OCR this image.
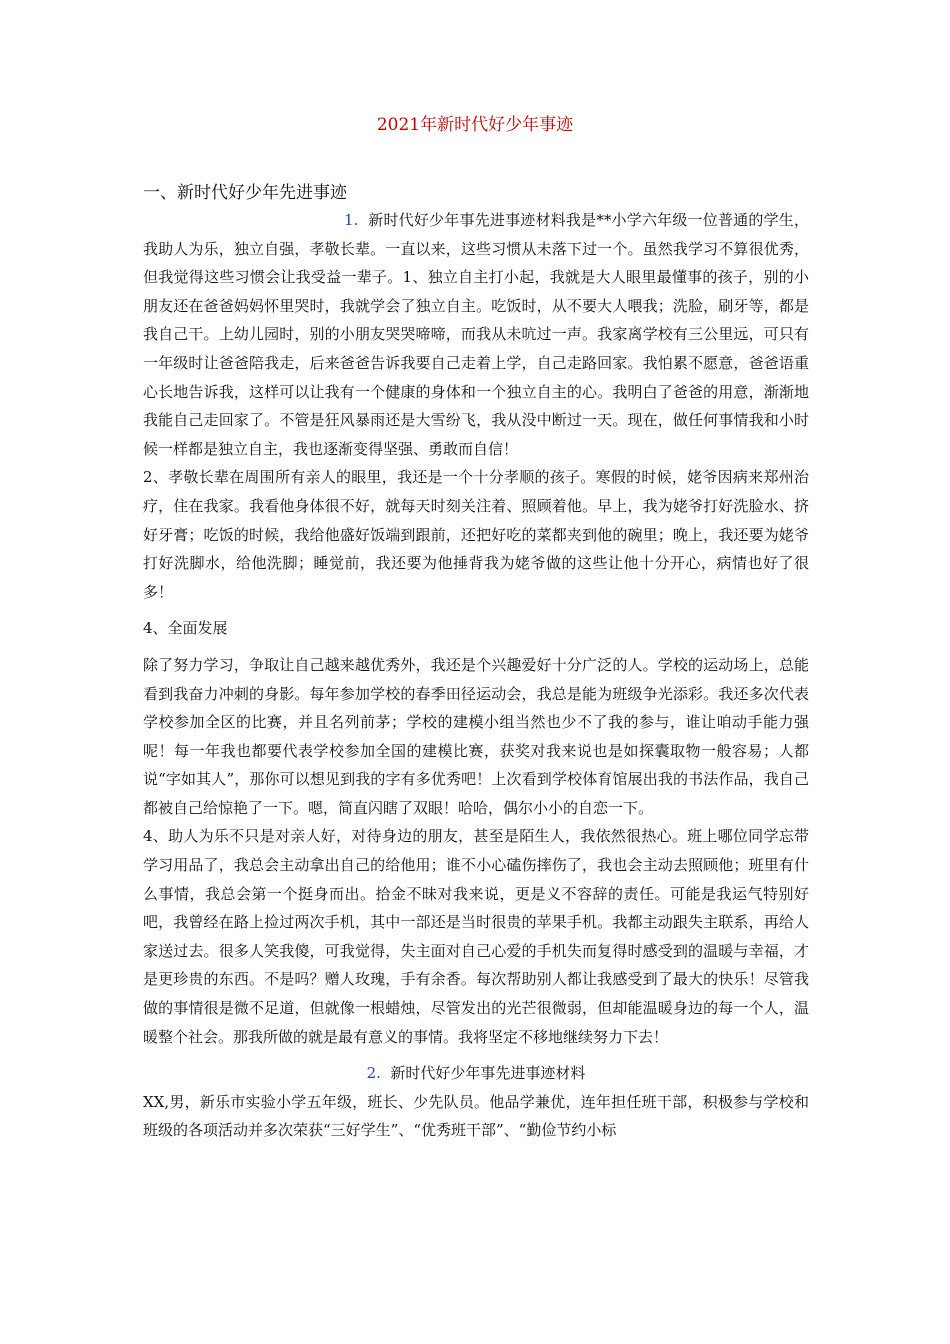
2021年新时代好少年事迹
一、新时代好少年先进事迹

1. 新时代好少年事先进事迹材料我是**小学六年级一位普通的学生，我助人为乐，独立自强，孝敬长辈。一直以来，这些习惯从未落下过一个。虽然我学习不算很优秀，但我觉得这些习惯会让我受益一辈子。1、独立自主打小起，我就是大人眼里最懂事的孩子，别的小朋友还在爸爸妈妈怀里哭时，我就学会了独立自主。吃饭时，从不要大人喂我；洗脸，刷牙等，都是我自己干。上幼儿园时，别的小朋友哭哭啼啼，而我从未吭过一声。我家离学校有三公里远，可只有一年级时让爸爸陪我走，后来爸爸告诉我要自己走着上学，自己走路回家。我怕累不愿意，爸爸语重心长地告诉我，这样可以让我有一个健康的身体和一个独立自主的心。我明白了爸爸的用意，渐渐地我能自己走回家了。不管是狂风暴雨还是大雪纷飞，我从没中断过一天。现在，做任何事情我和小时候一样都是独立自主，我也逐渐变得坚强、勇敢而自信！

2、孝敬长辈在周围所有亲人的眼里，我还是一个十分孝顺的孩子。寒假的时候，姥爷因病来郑州治疗，住在我家。我看他身体很不好，就每天时刻关注着、照顾着他。早上，我为姥爷打好洗脸水、挤好牙膏；吃饭的时候，我给他盛好饭端到跟前，还把好吃的菜都夹到他的碗里；晚上，我还要为姥爷打好洗脚水，给他洗脚；睡觉前，我还要为他捶背我为姥爷做的这些让他十分开心，病情也好了很多！

4、全面发展

除了努力学习，争取让自己越来越优秀外，我还是个兴趣爱好十分广泛的人。学校的运动场上，总能看到我奋力冲刺的身影。每年参加学校的春季田径运动会，我总是能为班级争光添彩。我还多次代表学校参加全区的比赛，并且名列前茅；学校的建模小组当然也少不了我的参与，谁让咱动手能力强呢！每一年我也都要代表学校参加全国的建模比赛，获奖对我来说也是如探囊取物一般容易；人都说“字如其人”，那你可以想见到我的字有多优秀吧！上次看到学校体育馆展出我的书法作品，我自己都被自己给惊艳了一下。嗯，简直闪瞎了双眼！哈哈，偶尔小小的自恋一下。

4、助人为乐不只是对亲人好，对待身边的朋友，甚至是陌生人，我依然很热心。班上哪位同学忘带学习用品了，我总会主动拿出自己的给他用；谁不小心磕伤摔伤了，我也会主动去照顾他；班里有什么事情，我总会第一个挺身而出。拾金不昧对我来说，更是义不容辞的责任。可能是我运气特别好吧，我曾经在路上捡过两次手机，其中一部还是当时很贵的苹果手机。我都主动跟失主联系，再给人家送过去。很多人笑我傻，可我觉得，失主面对自己心爱的手机失而复得时感受到的温暖与幸福，才是更珍贵的东西。不是吗？赠人玫瑰，手有余香。每次帮助别人都让我感受到了最大的快乐！尽管我做的事情很是微不足道，但就像一根蜡烛，尽管发出的光芒很微弱，但却能温暖身边的每一个人，温暖整个社会。那我所做的就是最有意义的事情。我将坚定不移地继续努力下去！

2. 新时代好少年事先进事迹材料

XX,男，新乐市实验小学五年级，班长、少先队员。他品学兼优，连年担任班干部，积极参与学校和班级的各项活动并多次荣获“三好学生”、“优秀班干部”、“勤俭节约小标
